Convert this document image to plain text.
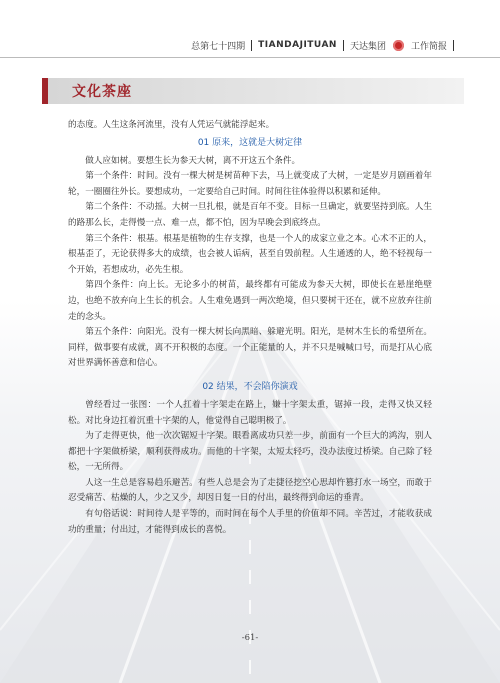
总第七十四期 TIANDAJITUAN 天达集团	工作简报
文化茶座

的态度。人生这条河流里，没有人凭运气就能浮起来。

01 原来，这就是大树定律

做人应如树。要想生长为参天大树，离不开这五个条件。

第一个条件：时间。没有一棵大树是树苗种下去，马上就变成了大树，一定是岁月剧画着年轮，一圈圈往外长。要想成功，一定要给自己时间。时间往往体验得以积累和延伸。

第二个条件：不动摇。大树一旦扎根，就是百年不变。目标一旦确定，就要坚持到底。人生的路那么长，走得慢一点、难一点，都不怕，因为早晚会到底终点。

第三个条件：根基。根基是植物的生存支撑，也是一个人的成家立业之本。心术不正的人，根基歪了，无论获得多大的成绩，也会被人诟病，甚至自毁前程。人生通透的人，绝不轻视每一个开始，若想成功，必先生根。

第四个条件：向上长。无论多小的树苗，最终都有可能成为参天大树，即使长在悬崖绝壁边，也绝不放弃向上生长的机会。人生难免遇到一两次绝境，但只要树干还在，就不应放弃往前走的念头。

第五个条件：向阳光。没有一棵大树长向黑暗、躲避光明。阳光，是树木生长的希望所在。同样，做事要有成就，离不开积极的态度。一个正能量的人，并不只是喊喊口号，而是打从心底对世界满怀善意和信心。

02 结果，不会陪你演戏

曾经看过一张图：一个人扛着十字架走在路上，嫌十字架太重，锯掉一段，走得又快又轻松。对比身边扛着沉重十字架的人，他觉得自己聪明极了。

为了走得更快，他一次次锯短十字架。眼看离成功只差一步，前面有一个巨大的鸿沟，别人都把十字架做桥梁，顺利获得成功。而他的十字架，太短太轻巧，没办法度过桥梁。自己除了轻松，一无所得。

人这一生总是容易趋乐避苦。有些人总是会为了走捷径挖空心思却忤篡打水一场空，而敢于忍受痛苦、枯燥的人，少之又少，却因日复一日的付出，最终得到命运的垂青。

有句俗话说：时间待人是平等的，而时间在每个人手里的价值却不同。辛苦过，才能收获成功的重量；付出过，才能得到成长的喜悦。

-61-
